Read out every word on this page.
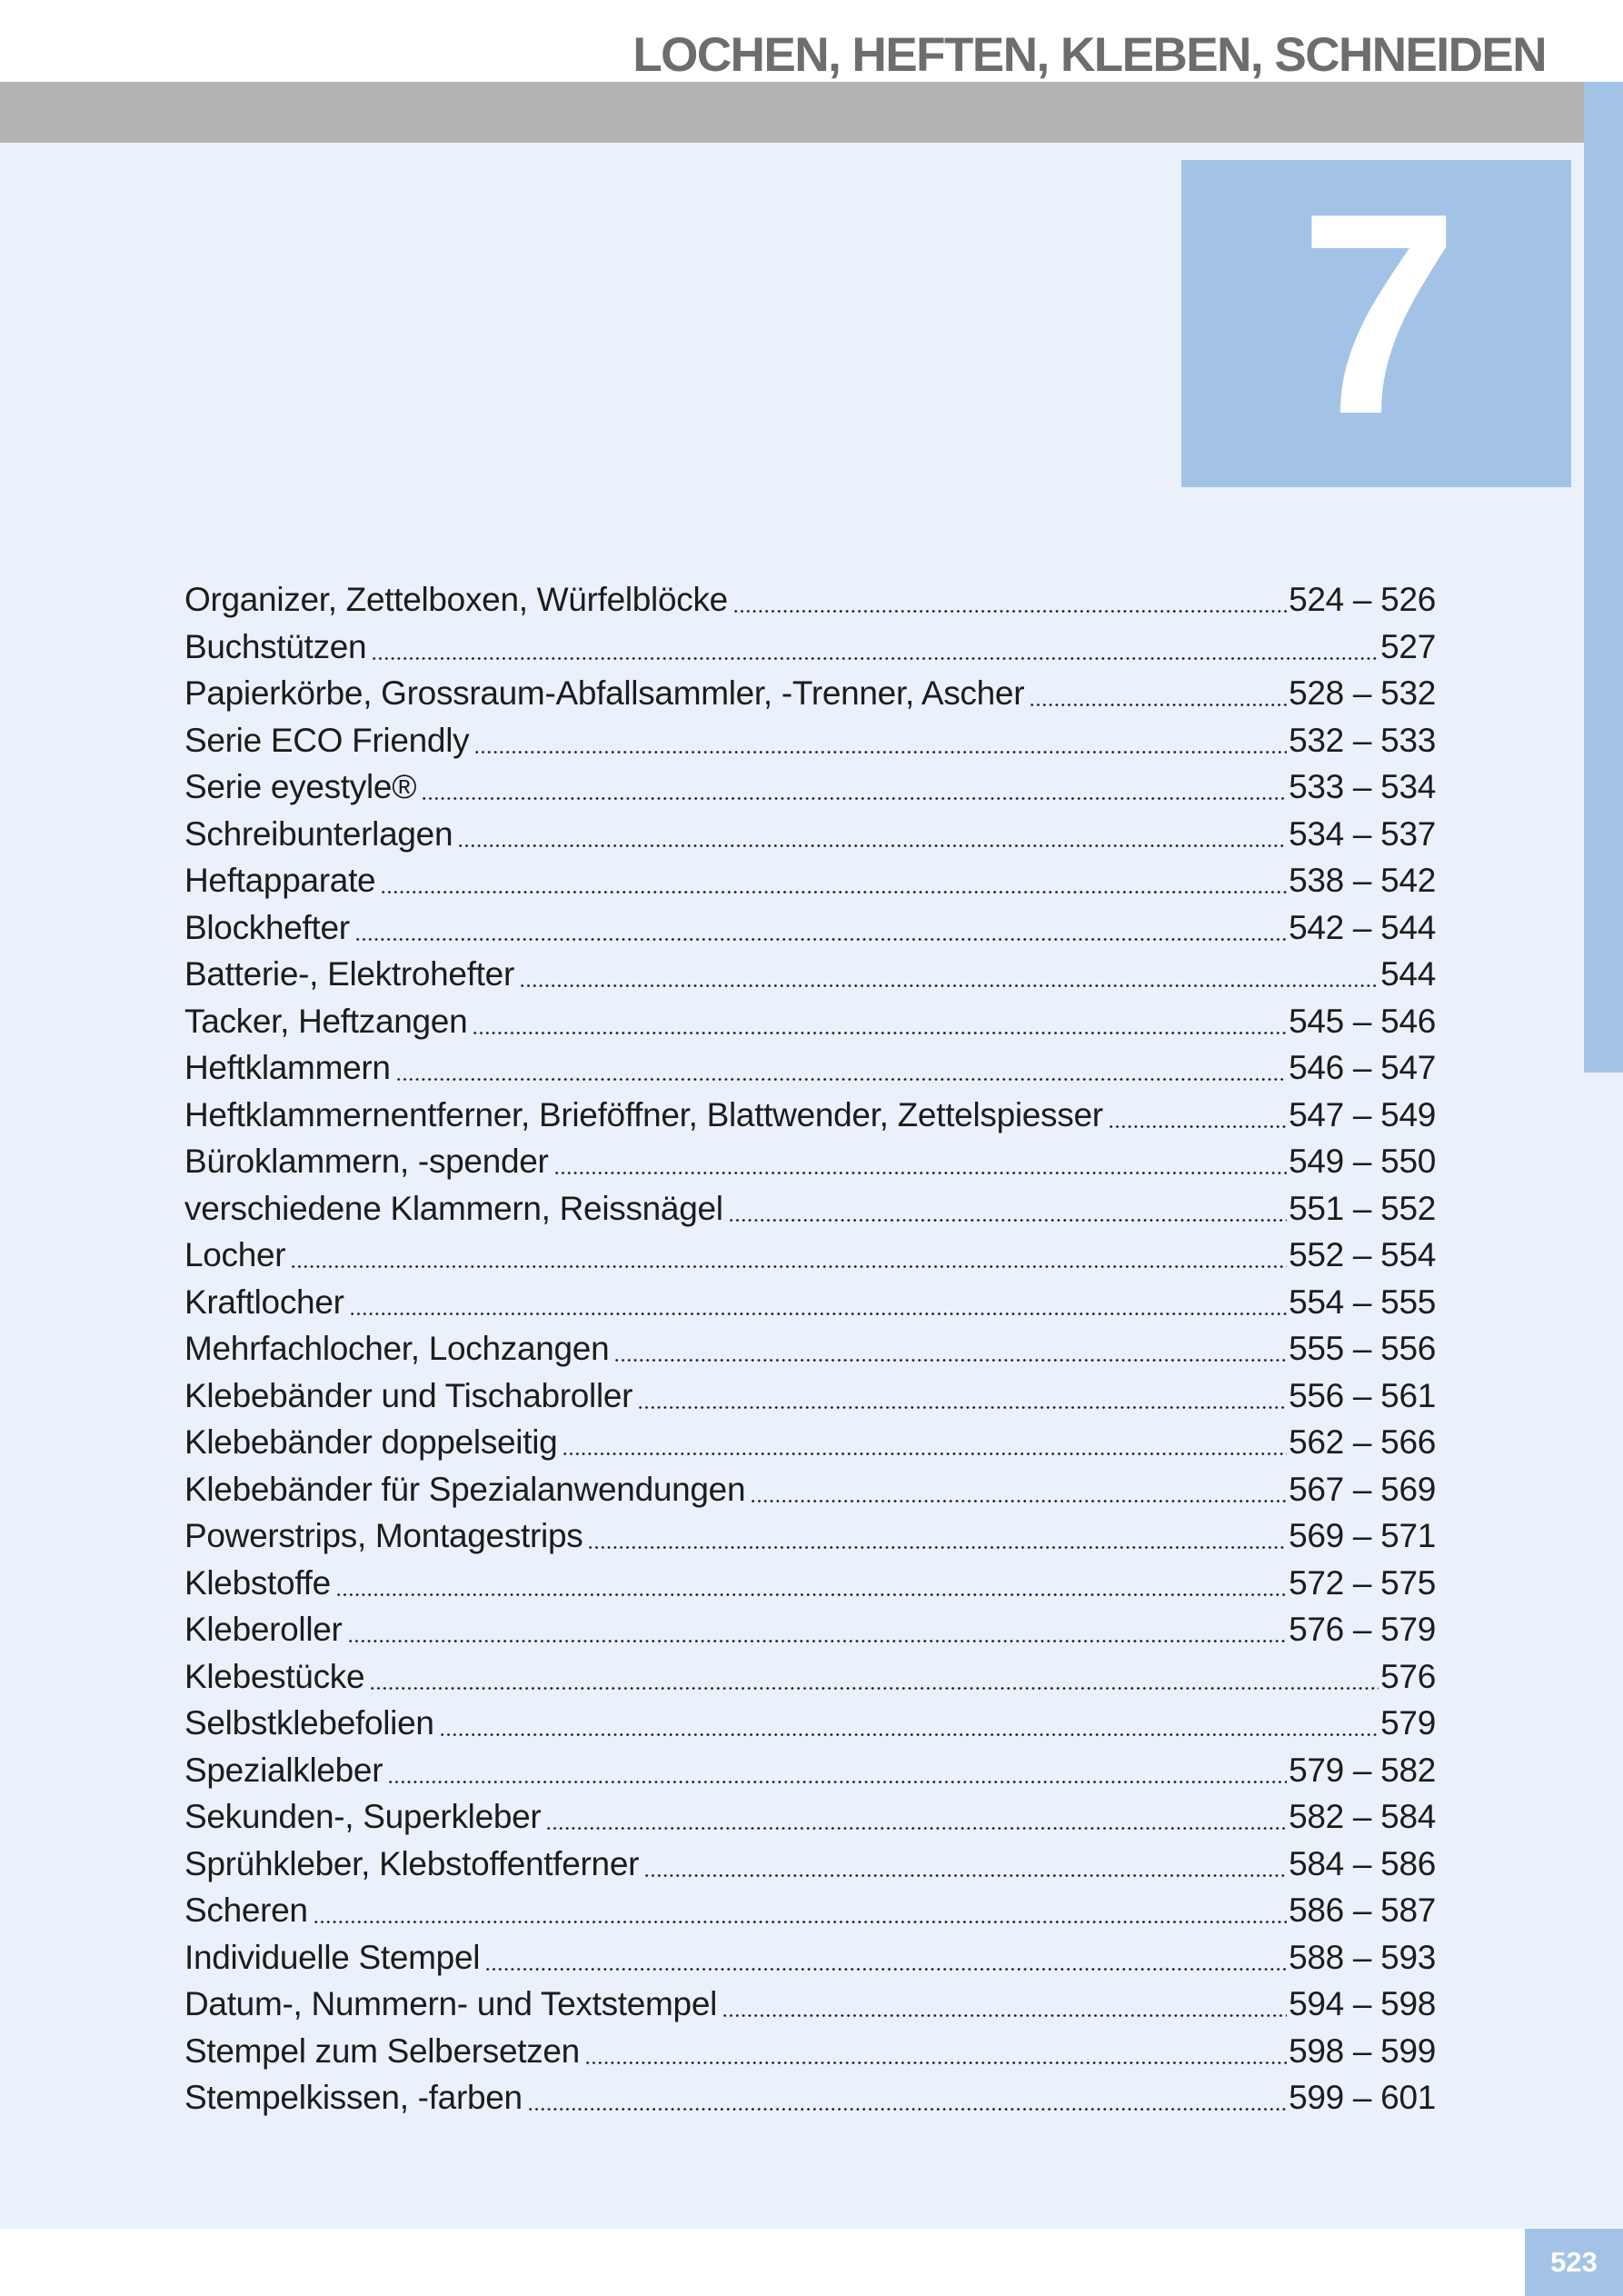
LOCHEN, HEFTEN, KLEBEN, SCHNEIDEN
7
Organizer, Zettelboxen, Würfelblöcke	524 – 526
Buchstützen	527
Papierkörbe, Grossraum-Abfallsammler, -Trenner, Ascher	528 – 532
Serie ECO Friendly	532 – 533
Serie eyestyle®	533 – 534
Schreibunterlagen	534 – 537
Heftapparate	538 – 542
Blockhefter	542 – 544
Batterie-, Elektrohefter	544
Tacker, Heftzangen	545 – 546
Heftklammern	546 – 547
Heftklammernentferner, Brieföffner, Blattwender, Zettelspiesser	547 – 549
Büroklammern, -spender	549 – 550
verschiedene Klammern, Reissnägel	551 – 552
Locher	552 – 554
Kraftlocher	554 – 555
Mehrfachlocher, Lochzangen	555 – 556
Klebebänder und Tischabroller	556 – 561
Klebebänder doppelseitig	562 – 566
Klebebänder für Spezialanwendungen	567 – 569
Powerstrips, Montagestrips	569 – 571
Klebstoffe	572 – 575
Kleberoller	576 – 579
Klebestücke	576
Selbstklebefolien	579
Spezialkleber	579 – 582
Sekunden-, Superkleber	582 – 584
Sprühkleber, Klebstoffentferner	584 – 586
Scheren	586 – 587
Individuelle Stempel	588 – 593
Datum-, Nummern- und Textstempel	594 – 598
Stempel zum Selbersetzen	598 – 599
Stempelkissen, -farben	599 – 601
523
